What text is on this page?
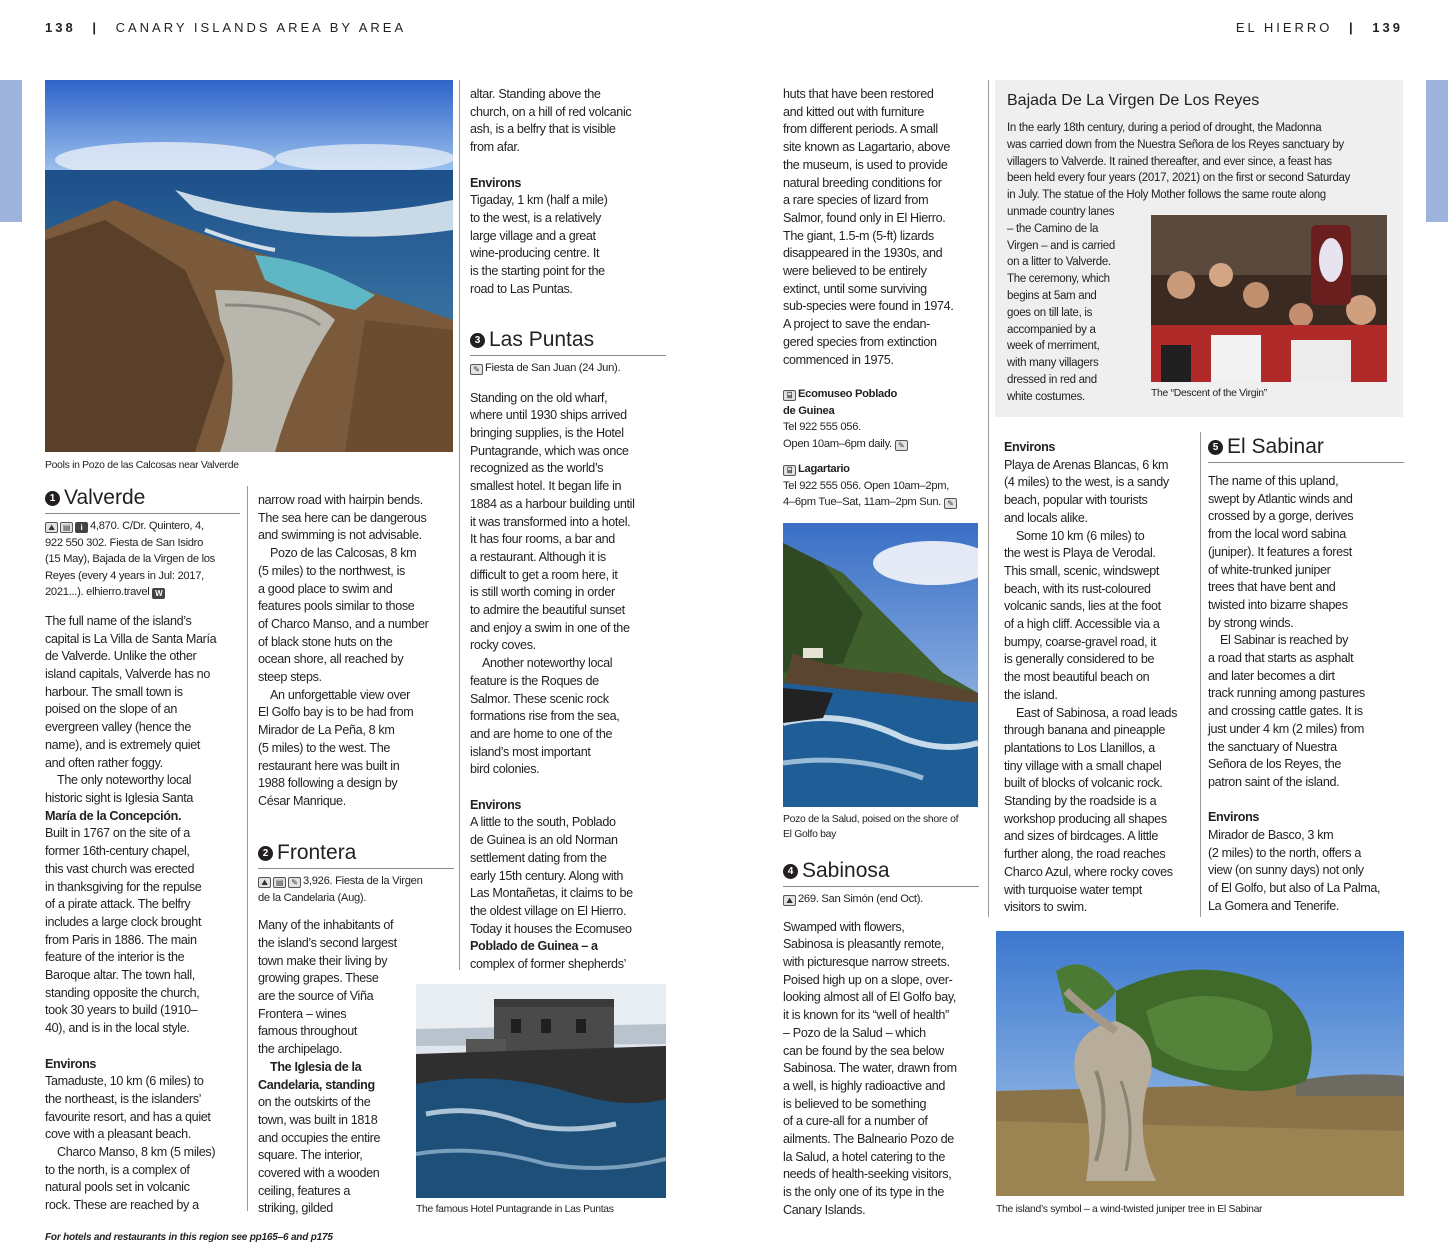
138 | CANARY ISLANDS AREA BY AREA	EL HIERRO | 139
Pools in Pozo de las Calcosas near Valverde
1 Valverde
⛰ ▤ i 4,870. C/Dr. Quintero, 4,
922 550 302. Fiesta de San Isidro
(15 May), Bajada de la Virgen de los
Reyes (every 4 years in Jul: 2017,
2021...). elhierro.travel W

The full name of the island’s

capital is La Villa de Santa María

de Valverde. Unlike the other

island capitals, Valverde has no

harbour. The small town is

poised on the slope of an

evergreen valley (hence the

name), and is extremely quiet

and often rather foggy.

The only noteworthy local

historic sight is Iglesia Santa

María de la Concepción.

Built in 1767 on the site of a

former 16th-century chapel,

this vast church was erected

in thanksgiving for the repulse

of a pirate attack. The belfry

includes a large clock brought

from Paris in 1886. The main

feature of the interior is the

Baroque altar. The town hall,

standing opposite the church,

took 30 years to build (1910–

40), and is in the local style.

Environs

Tamaduste, 10 km (6 miles) to

the northeast, is the islanders’

favourite resort, and has a quiet

cove with a pleasant beach.

Charco Manso, 8 km (5 miles)

to the north, is a complex of

natural pools set in volcanic

rock. These are reached by a

narrow road with hairpin bends.

The sea here can be dangerous

and swimming is not advisable.

Pozo de las Calcosas, 8 km

(5 miles) to the northwest, is

a good place to swim and

features pools similar to those

of Charco Manso, and a number

of black stone huts on the

ocean shore, all reached by

steep steps.

An unforgettable view over

El Golfo bay is to be had from

Mirador de La Peña, 8 km

(5 miles) to the west. The

restaurant here was built in

1988 following a design by

César Manrique.

2 Frontera
⛰ ▤ ✎ 3,926. Fiesta de la Virgen
de la Candelaria (Aug).

Many of the inhabitants of

the island’s second largest

town make their living by

growing grapes. These

are the source of Viña

Frontera – wines

famous throughout

the archipelago.

The Iglesia de la

Candelaria, standing

on the outskirts of the

town, was built in 1818

and occupies the entire

square. The interior,

covered with a wooden

ceiling, features a

striking, gilded	The famous Hotel Puntagrande in Las Puntas

altar. Standing above the

church, on a hill of red volcanic

ash, is a belfry that is visible

from afar.

Environs

Tigaday, 1 km (half a mile)

to the west, is a relatively

large village and a great

wine-producing centre. It

is the starting point for the

road to Las Puntas.

3 Las Puntas
✎ Fiesta de San Juan (24 Jun).

Standing on the old wharf,

where until 1930 ships arrived

bringing supplies, is the Hotel

Puntagrande, which was once

recognized as the world’s

smallest hotel. It began life in

1884 as a harbour building until

it was transformed into a hotel.

It has four rooms, a bar and

a restaurant. Although it is

difficult to get a room here, it

is still worth coming in order

to admire the beautiful sunset

and enjoy a swim in one of the

rocky coves.

Another noteworthy local

feature is the Roques de

Salmor. These scenic rock

formations rise from the sea,

and are home to one of the

island’s most important

bird colonies.

Environs

A little to the south, Poblado

de Guinea is an old Norman

settlement dating from the

early 15th century. Along with

Las Montañetas, it claims to be

the oldest village on El Hierro.

Today it houses the Ecomuseo

Poblado de Guinea – a

complex of former shepherds’

huts that have been restored

and kitted out with furniture

from different periods. A small

site known as Lagartario, above

the museum, is used to provide

natural breeding conditions for

a rare species of lizard from

Salmor, found only in El Hierro.

The giant, 1.5-m (5-ft) lizards

disappeared in the 1930s, and

were believed to be entirely

extinct, until some surviving

sub-species were found in 1974.

A project to save the endan-

gered species from extinction

commenced in 1975.

⌸ Ecomuseo Poblado
de Guinea
Tel 922 555 056.
Open 10am–6pm daily. ✎
⌸ Lagartario
Tel 922 555 056. Open 10am–2pm,
4–6pm Tue–Sat, 11am–2pm Sun. ✎
Pozo de la Salud, poised on the shore of
El Golfo bay
4 Sabinosa
⛰ 269. San Simón (end Oct).

Swamped with flowers,

Sabinosa is pleasantly remote,

with picturesque narrow streets.

Poised high up on a slope, over-

looking almost all of El Golfo bay,

it is known for its “well of health”

– Pozo de la Salud – which

can be found by the sea below

Sabinosa. The water, drawn from

a well, is highly radioactive and

is believed to be something

of a cure-all for a number of

ailments. The Balneario Pozo de

la Salud, a hotel catering to the

needs of health-seeking visitors,

is the only one of its type in the

Canary Islands.

Bajada De La Virgen De Los Reyes
In the early 18th century, during a period of drought, the Madonna
was carried down from the Nuestra Señora de los Reyes sanctuary by
villagers to Valverde. It rained thereafter, and ever since, a feast has
been held every four years (2017, 2021) on the first or second Saturday
in July. The statue of the Holy Mother follows the same route along
unmade country lanes
– the Camino de la
Virgen – and is carried
on a litter to Valverde.
The ceremony, which
begins at 5am and
goes on till late, is
accompanied by a
week of merriment,
with many villagers
dressed in red and
white costumes.	The “Descent of the Virgin”

Environs

Playa de Arenas Blancas, 6 km

(4 miles) to the west, is a sandy

beach, popular with tourists

and locals alike.

Some 10 km (6 miles) to

the west is Playa de Verodal.

This small, scenic, windswept

beach, with its rust-coloured

volcanic sands, lies at the foot

of a high cliff. Accessible via a

bumpy, coarse-gravel road, it

is generally considered to be

the most beautiful beach on

the island.

East of Sabinosa, a road leads

through banana and pineapple

plantations to Los Llanillos, a

tiny village with a small chapel

built of blocks of volcanic rock.

Standing by the roadside is a

workshop producing all shapes

and sizes of birdcages. A little

further along, the road reaches

Charco Azul, where rocky coves

with turquoise water tempt

visitors to swim.

5 El Sabinar

The name of this upland,

swept by Atlantic winds and

crossed by a gorge, derives

from the local word sabina

(juniper). It features a forest

of white-trunked juniper

trees that have bent and

twisted into bizarre shapes

by strong winds.

El Sabinar is reached by

a road that starts as asphalt

and later becomes a dirt

track running among pastures

and crossing cattle gates. It is

just under 4 km (2 miles) from

the sanctuary of Nuestra

Señora de los Reyes, the

patron saint of the island.

Environs

Mirador de Basco, 3 km

(2 miles) to the north, offers a

view (on sunny days) not only

of El Golfo, but also of La Palma,

La Gomera and Tenerife.

The island’s symbol – a wind-twisted juniper tree in El Sabinar
For hotels and restaurants in this region see pp165–6 and p175
